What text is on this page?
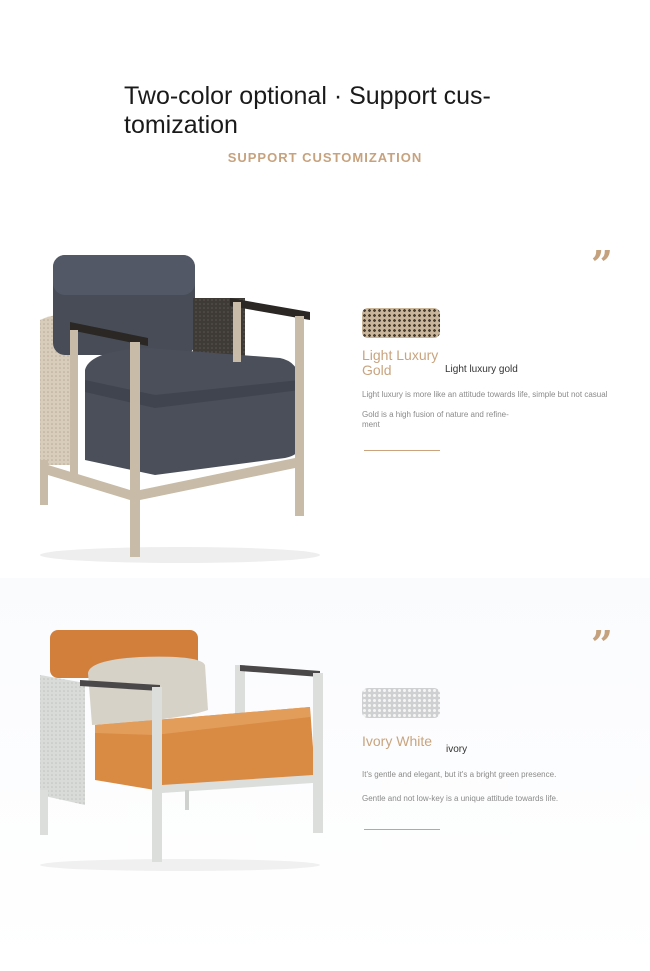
Two-color optional · Support cus-tomization
SUPPORT CUSTOMIZATION
”
Light Luxury
Gold	Light luxury gold
Light luxury is more like an attitude towards life, simple but not casual
Gold is a high fusion of nature and refine-
ment
”
Ivory White
ivory
It's gentle and elegant, but it's a bright green presence.
Gentle and not low-key is a unique attitude towards life.
